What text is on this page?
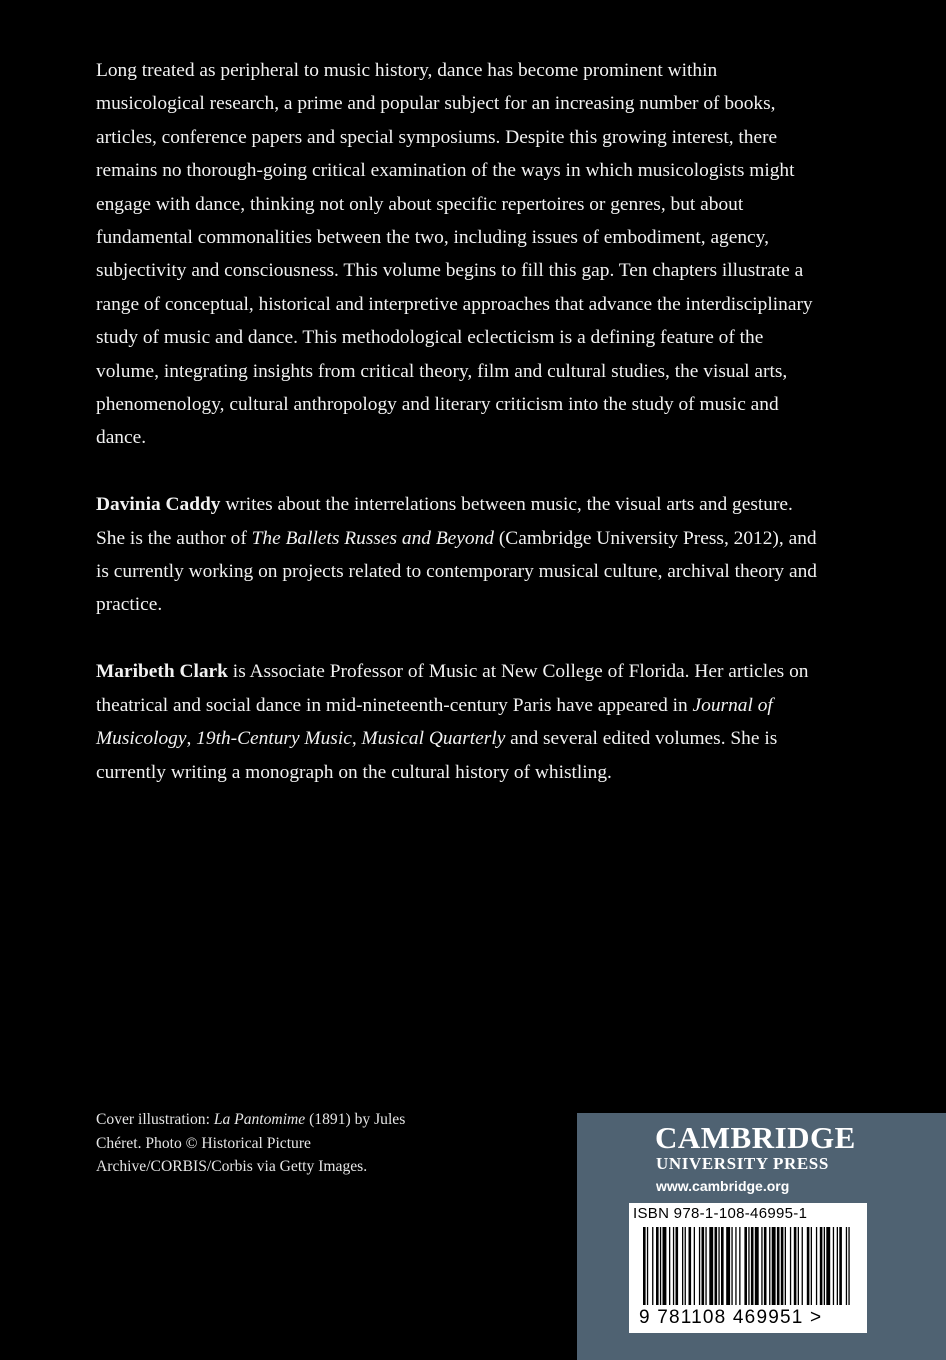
Long treated as peripheral to music history, dance has become prominent within musicological research, a prime and popular subject for an increasing number of books, articles, conference papers and special symposiums. Despite this growing interest, there remains no thorough-going critical examination of the ways in which musicologists might engage with dance, thinking not only about specific repertoires or genres, but about fundamental commonalities between the two, including issues of embodiment, agency, subjectivity and consciousness. This volume begins to fill this gap. Ten chapters illustrate a range of conceptual, historical and interpretive approaches that advance the interdisciplinary study of music and dance. This methodological eclecticism is a defining feature of the volume, integrating insights from critical theory, film and cultural studies, the visual arts, phenomenology, cultural anthropology and literary criticism into the study of music and dance.

Davinia Caddy writes about the interrelations between music, the visual arts and gesture. She is the author of The Ballets Russes and Beyond (Cambridge University Press, 2012), and is currently working on projects related to contemporary musical culture, archival theory and practice.

Maribeth Clark is Associate Professor of Music at New College of Florida. Her articles on theatrical and social dance in mid-nineteenth-century Paris have appeared in Journal of Musicology, 19th-Century Music, Musical Quarterly and several edited volumes. She is currently writing a monograph on the cultural history of whistling.

Cover illustration: La Pantomime (1891) by Jules Chéret. Photo © Historical Picture Archive/CORBIS/Corbis via Getty Images.
CAMBRIDGE
UNIVERSITY PRESS
www.cambridge.org
ISBN 978-1-108-46995-1
9 781108 469951 >
